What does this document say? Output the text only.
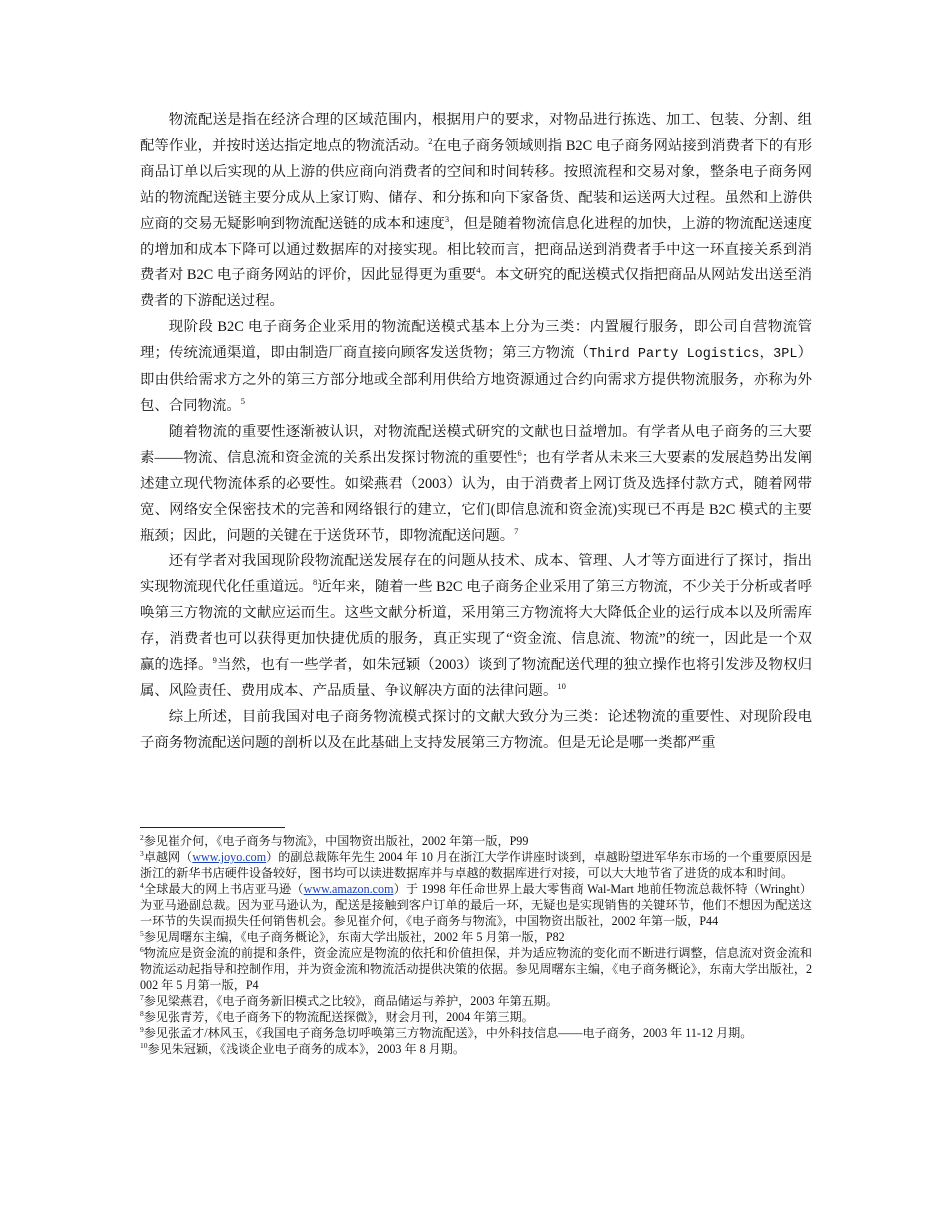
物流配送是指在经济合理的区域范围内，根据用户的要求，对物品进行拣选、加工、包装、分割、组配等作业，并按时送达指定地点的物流活动。$^2$在电子商务领域则指 B2C 电子商务网站接到消费者下的有形商品订单以后实现的从上游的供应商向消费者的空间和时间转移。按照流程和交易对象，整条电子商务网站的物流配送链主要分成从上家订购、储存、和分拣和向下家备货、配装和运送两大过程。虽然和上游供应商的交易无疑影响到物流配送链的成本和速度$^3$，但是随着物流信息化进程的加快，上游的物流配送速度的增加和成本下降可以通过数据库的对接实现。相比较而言，把商品送到消费者手中这一环直接关系到消费者对 B2C 电子商务网站的评价，因此显得更为重要$^4$。本文研究的配送模式仅指把商品从网站发出送至消费者的下游配送过程。

现阶段 B2C 电子商务企业采用的物流配送模式基本上分为三类：内置履行服务，即公司自营物流管理；传统流通渠道，即由制造厂商直接向顾客发送货物；第三方物流（Third Party Logistics，3PL）即由供给需求方之外的第三方部分地或全部利用供给方地资源通过合约向需求方提供物流服务，亦称为外包、合同物流。$^5$

随着物流的重要性逐渐被认识，对物流配送模式研究的文献也日益增加。有学者从电子商务的三大要素——物流、信息流和资金流的关系出发探讨物流的重要性$^6$；也有学者从未来三大要素的发展趋势出发阐述建立现代物流体系的必要性。如梁燕君（2003）认为，由于消费者上网订货及选择付款方式，随着网带宽、网络安全保密技术的完善和网络银行的建立，它们(即信息流和资金流)实现已不再是 B2C 模式的主要瓶颈；因此，问题的关键在于送货环节，即物流配送问题。$^7$

还有学者对我国现阶段物流配送发展存在的问题从技术、成本、管理、人才等方面进行了探讨，指出实现物流现代化任重道远。$^8$近年来，随着一些 B2C 电子商务企业采用了第三方物流，不少关于分析或者呼唤第三方物流的文献应运而生。这些文献分析道，采用第三方物流将大大降低企业的运行成本以及所需库存，消费者也可以获得更加快捷优质的服务，真正实现了“资金流、信息流、物流”的统一，因此是一个双赢的选择。$^9$当然，也有一些学者，如朱冠颖（2003）谈到了物流配送代理的独立操作也将引发涉及物权归属、风险责任、费用成本、产品质量、争议解决方面的法律问题。$^{10}$

综上所述，目前我国对电子商务物流模式探讨的文献大致分为三类：论述物流的重要性、对现阶段电子商务物流配送问题的剖析以及在此基础上支持发展第三方物流。但是无论是哪一类都严重

$^2$参见崔介何，《电子商务与物流》，中国物资出版社，2002 年第一版，P99

$^3$卓越网（www.joyo.com）的副总裁陈年先生 2004 年 10 月在浙江大学作讲座时谈到，卓越盼望进军华东市场的一个重要原因是浙江的新华书店硬件设备较好，图书均可以读进数据库并与卓越的数据库进行对接，可以大大地节省了进货的成本和时间。

$^4$全球最大的网上书店亚马逊（www.amazon.com）于 1998 年任命世界上最大零售商 Wal-Mart 地前任物流总裁怀特（Wringht）为亚马逊副总裁。因为亚马逊认为，配送是接触到客户订单的最后一环，无疑也是实现销售的关键环节，他们不想因为配送这一环节的失误而损失任何销售机会。参见崔介何，《电子商务与物流》，中国物资出版社，2002 年第一版，P44

$^5$参见周曙东主编，《电子商务概论》，东南大学出版社，2002 年 5 月第一版，P82

$^6$物流应是资金流的前提和条件，资金流应是物流的依托和价值担保，并为适应物流的变化而不断进行调整，信息流对资金流和物流运动起指导和控制作用，并为资金流和物流活动提供决策的依据。参见周曙东主编，《电子商务概论》，东南大学出版社，2002 年 5 月第一版，P4

$^7$参见梁燕君，《电子商务新旧模式之比较》，商品储运与养护，2003 年第五期。

$^8$参见张青芳，《电子商务下的物流配送探微》，财会月刊，2004 年第三期。

$^9$参见张孟才/林风玉，《我国电子商务急切呼唤第三方物流配送》，中外科技信息——电子商务，2003 年 11-12 月期。

$^{10}$参见朱冠颖，《浅谈企业电子商务的成本》，2003 年 8 月期。
